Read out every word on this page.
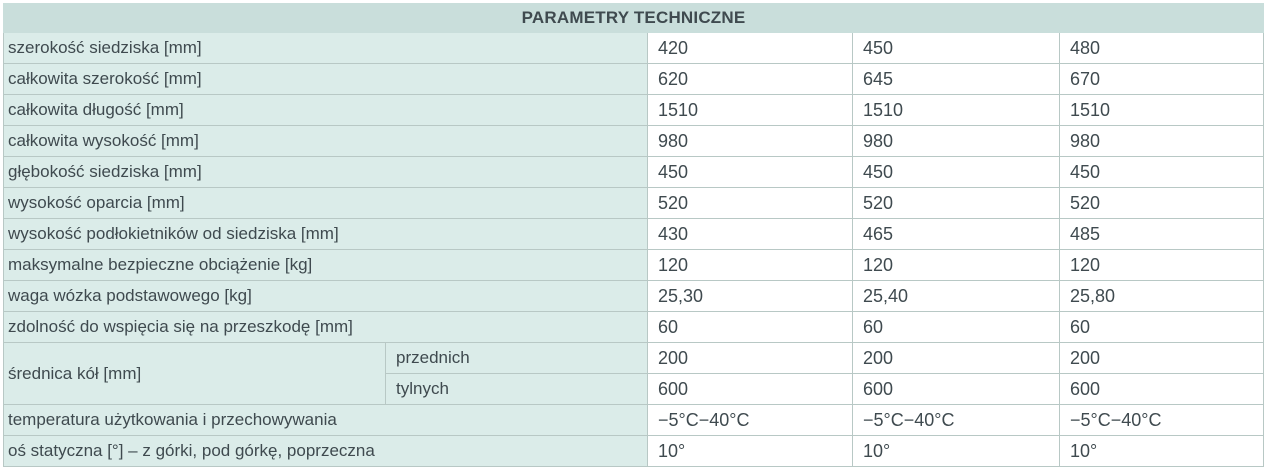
PARAMETRY TECHNICZNE				
szerokość siedziska [mm]		420	450	480
całkowita szerokość [mm]		620	645	670
całkowita długość [mm]		1510	1510	1510
całkowita wysokość [mm]		980	980	980
głębokość siedziska [mm]		450	450	450
wysokość oparcia [mm]		520	520	520
wysokość podłokietników od siedziska [mm]		430	465	485
maksymalne bezpieczne obciążenie [kg]		120	120	120
waga wózka podstawowego [kg]		25,30	25,40	25,80
zdolność do wspięcia się na przeszkodę [mm]		60	60	60
średnica kół [mm]	przednich	200	200	200
	tylnych	600	600	600
temperatura użytkowania i przechowywania		−5°C−40°C	−5°C−40°C	−5°C−40°C
oś statyczna [°] – z górki, pod górkę, poprzeczna		10°	10°	10°
